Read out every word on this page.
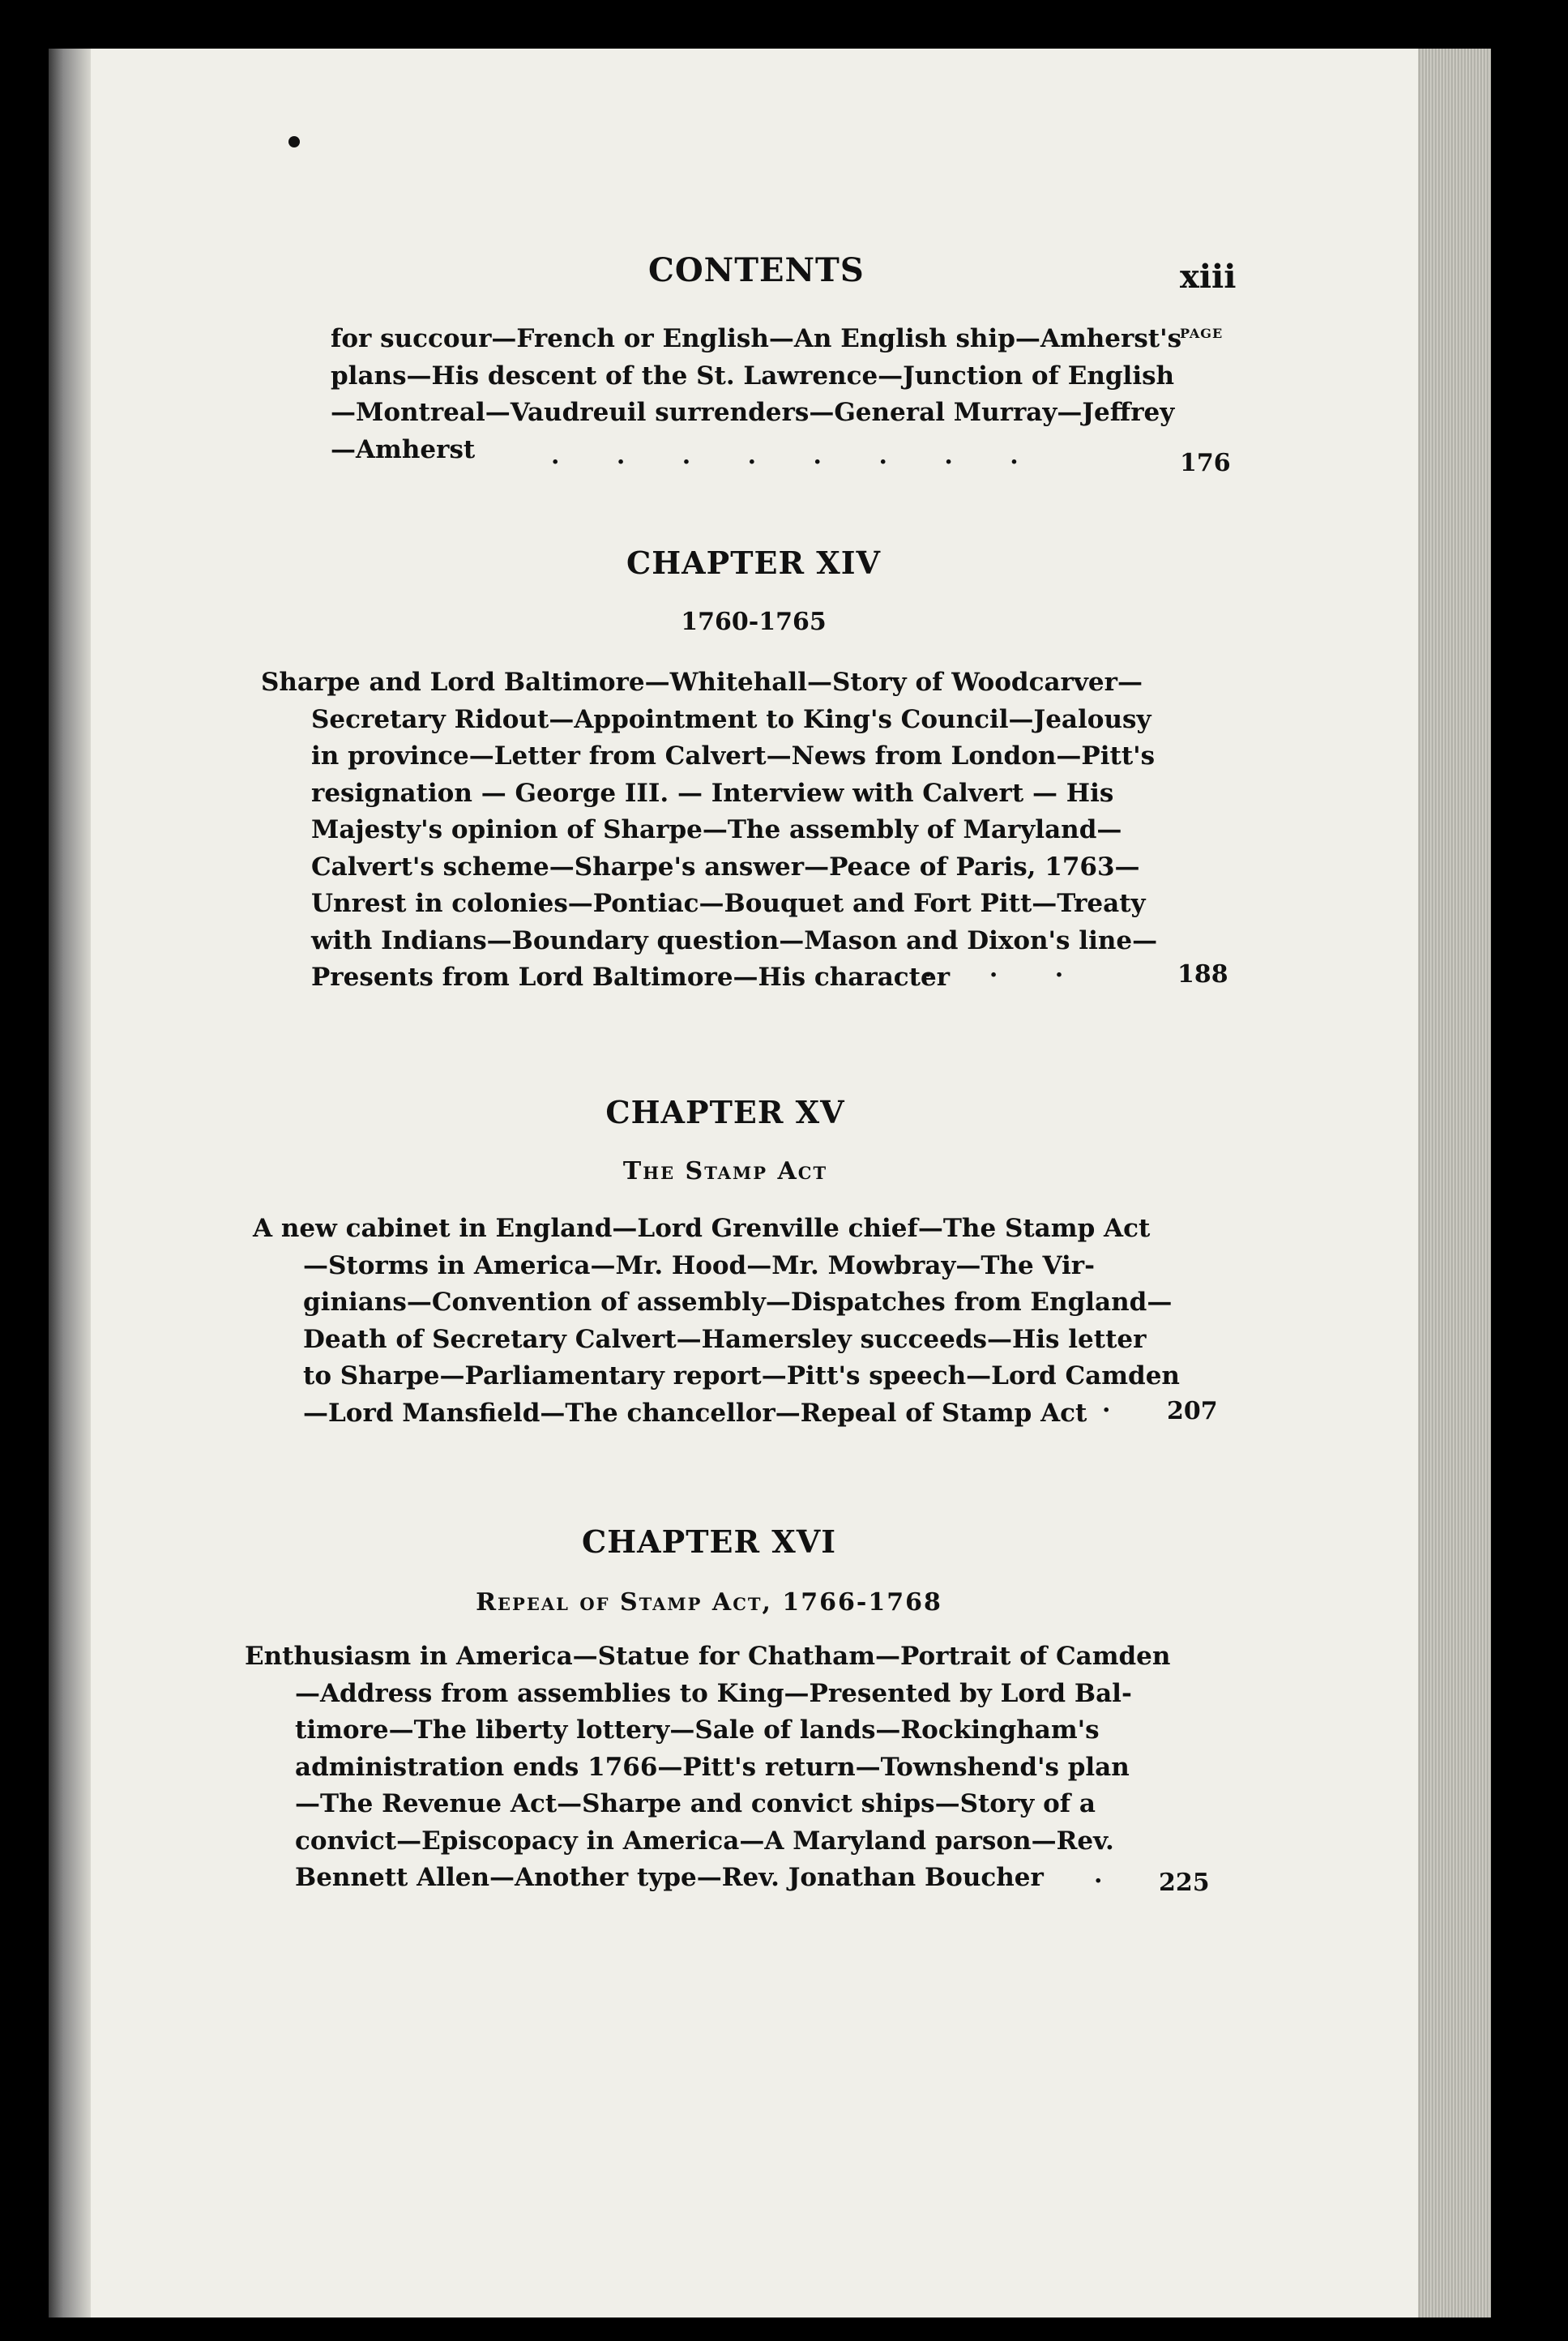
CONTENTS	xiii
PAGE
for succour—French or English—An English ship—Amherst's
plans—His descent of the St. Lawrence—Junction of English
—Montreal—Vaudreuil surrenders—General Murray—Jeffrey
—Amherst	. . . . . . . .	176
CHAPTER XIV
1760-1765
Sharpe and Lord Baltimore—Whitehall—Story of Woodcarver—
Secretary Ridout—Appointment to King's Council—Jealousy
in province—Letter from Calvert—News from London—Pitt's
resignation — George III. — Interview with Calvert — His
Majesty's opinion of Sharpe—The assembly of Maryland—
Calvert's scheme—Sharpe's answer—Peace of Paris, 1763—
Unrest in colonies—Pontiac—Bouquet and Fort Pitt—Treaty
with Indians—Boundary question—Mason and Dixon's line—
Presents from Lord Baltimore—His character
. . .	188
CHAPTER XV
The Stamp Act
A new cabinet in England—Lord Grenville chief—The Stamp Act
—Storms in America—Mr. Hood—Mr. Mowbray—The Vir-
ginians—Convention of assembly—Dispatches from England—
Death of Secretary Calvert—Hamersley succeeds—His letter
to Sharpe—Parliamentary report—Pitt's speech—Lord Camden
—Lord Mansfield—The chancellor—Repeal of Stamp Act . 207
CHAPTER XVI
Repeal of Stamp Act, 1766-1768
Enthusiasm in America—Statue for Chatham—Portrait of Camden
—Address from assemblies to King—Presented by Lord Bal-
timore—The liberty lottery—Sale of lands—Rockingham's
administration ends 1766—Pitt's return—Townshend's plan
—The Revenue Act—Sharpe and convict ships—Story of a
convict—Episcopacy in America—A Maryland parson—Rev.
Bennett Allen—Another type—Rev. Jonathan Boucher	. 225
